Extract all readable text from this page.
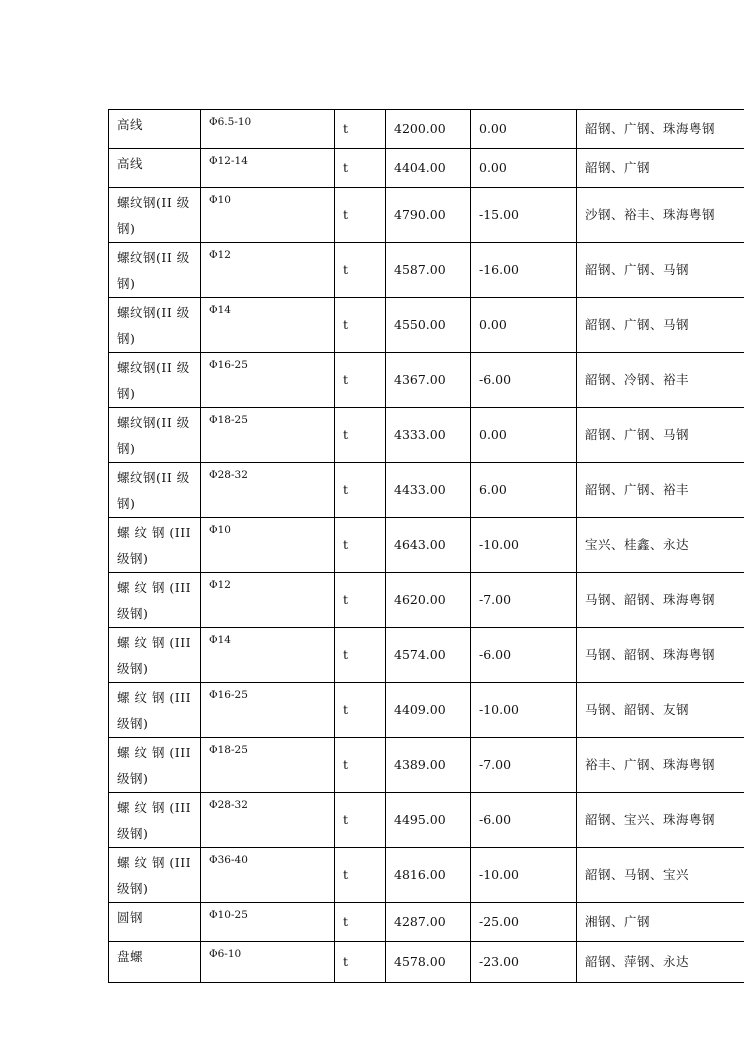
高线	Φ6.5-10	t	4200.00	0.00	韶钢、广钢、珠海粤钢
高线	Φ12-14	t	4404.00	0.00	韶钢、广钢
螺纹钢(II 级钢)	Φ10	t	4790.00	-15.00	沙钢、裕丰、珠海粤钢
螺纹钢(II 级钢)	Φ12	t	4587.00	-16.00	韶钢、广钢、马钢
螺纹钢(II 级钢)	Φ14	t	4550.00	0.00	韶钢、广钢、马钢
螺纹钢(II 级钢)	Φ16-25	t	4367.00	-6.00	韶钢、冷钢、裕丰
螺纹钢(II 级钢)	Φ18-25	t	4333.00	0.00	韶钢、广钢、马钢
螺纹钢(II 级钢)	Φ28-32	t	4433.00	6.00	韶钢、广钢、裕丰
螺 纹 钢 (III 级钢)	Φ10	t	4643.00	-10.00	宝兴、桂鑫、永达
螺 纹 钢 (III 级钢)	Φ12	t	4620.00	-7.00	马钢、韶钢、珠海粤钢
螺 纹 钢 (III 级钢)	Φ14	t	4574.00	-6.00	马钢、韶钢、珠海粤钢
螺 纹 钢 (III 级钢)	Φ16-25	t	4409.00	-10.00	马钢、韶钢、友钢
螺 纹 钢 (III 级钢)	Φ18-25	t	4389.00	-7.00	裕丰、广钢、珠海粤钢
螺 纹 钢 (III 级钢)	Φ28-32	t	4495.00	-6.00	韶钢、宝兴、珠海粤钢
螺 纹 钢 (III 级钢)	Φ36-40	t	4816.00	-10.00	韶钢、马钢、宝兴
圆钢	Φ10-25	t	4287.00	-25.00	湘钢、广钢
盘螺	Φ6-10	t	4578.00	-23.00	韶钢、萍钢、永达
